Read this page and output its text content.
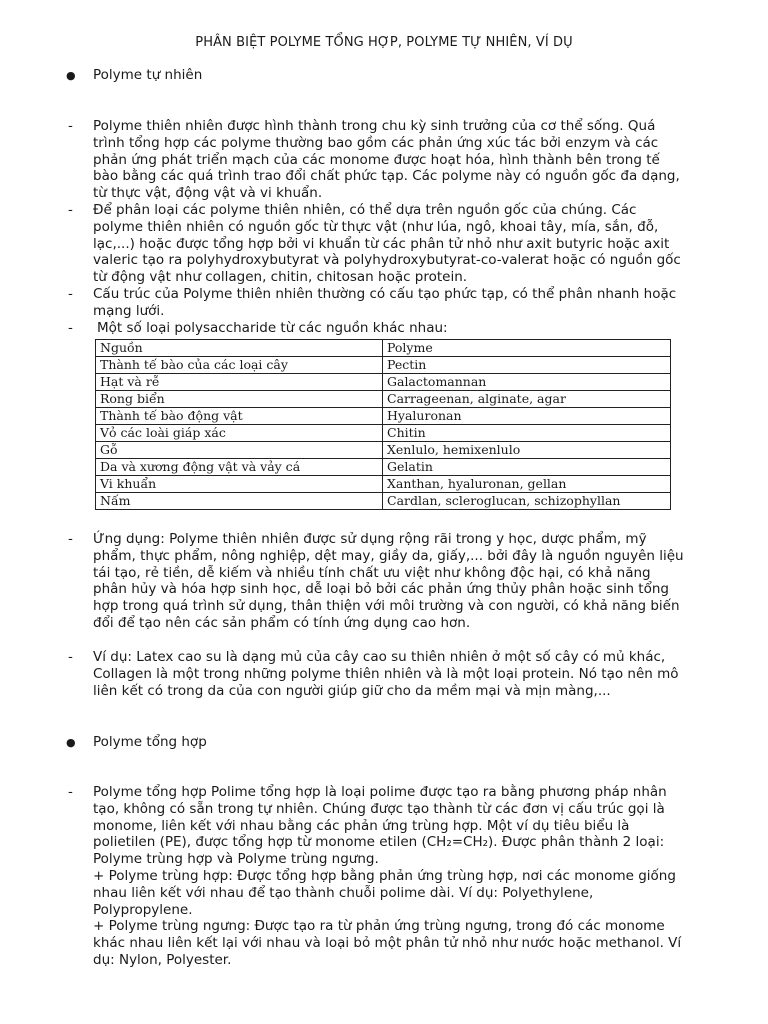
PHÂN BIỆT POLYME TỔNG HỢP, POLYME TỰ NHIÊN, VÍ DỤ
● Polyme tự nhiên
- Polyme thiên nhiên được hình thành trong chu kỳ sinh trưởng của cơ thể sống. Quá trình tổng hợp các polyme thường bao gồm các phản ứng xúc tác bởi enzym và các phản ứng phát triển mạch của các monome được hoạt hóa, hình thành bên trong tế bào bằng các quá trình trao đổi chất phức tạp. Các polyme này có nguồn gốc đa dạng, từ thực vật, động vật và vi khuẩn.
- Để phân loại các polyme thiên nhiên, có thể dựa trên nguồn gốc của chúng. Các polyme thiên nhiên có nguồn gốc từ thực vật (như lúa, ngô, khoai tây, mía, sắn, đỗ, lạc,...) hoặc được tổng hợp bởi vi khuẩn từ các phân tử nhỏ như axit butyric hoặc axit valeric tạo ra polyhydroxybutyrat và polyhydroxybutyrat-co-valerat hoặc có nguồn gốc từ động vật như collagen, chitin, chitosan hoặc protein.
- Cấu trúc của Polyme thiên nhiên thường có cấu tạo phức tạp, có thể phân nhanh hoặc mạng lưới.
- Một số loại polysaccharide từ các nguồn khác nhau:
Nguồn	Polyme
Thành tế bào của các loại cây	Pectin
Hạt và rễ	Galactomannan
Rong biển	Carrageenan, alginate, agar
Thành tế bào động vật	Hyaluronan
Vỏ các loài giáp xác	Chitin
Gỗ	Xenlulo, hemixenlulo
Da và xương động vật và vảy cá	Gelatin
Vi khuẩn	Xanthan, hyaluronan, gellan
Nấm	Cardlan, scleroglucan, schizophyllan
- Ứng dụng: Polyme thiên nhiên được sử dụng rộng rãi trong y học, dược phẩm, mỹ phẩm, thực phẩm, nông nghiệp, dệt may, giầy da, giấy,... bởi đây là nguồn nguyên liệu tái tạo, rẻ tiền, dễ kiếm và nhiều tính chất ưu việt như không độc hại, có khả năng phân hủy và hóa hợp sinh học, dễ loại bỏ bởi các phản ứng thủy phân hoặc sinh tổng hợp trong quá trình sử dụng, thân thiện với môi trường và con người, có khả năng biến đổi để tạo nên các sản phẩm có tính ứng dụng cao hơn.
- Ví dụ: Latex cao su là dạng mủ của cây cao su thiên nhiên ở một số cây có mủ khác, Collagen là một trong những polyme thiên nhiên và là một loại protein. Nó tạo nên mô liên kết có trong da của con người giúp giữ cho da mềm mại và mịn màng,...
● Polyme tổng hợp
- Polyme tổng hợp Polime tổng hợp là loại polime được tạo ra bằng phương pháp nhân tạo, không có sẵn trong tự nhiên. Chúng được tạo thành từ các đơn vị cấu trúc gọi là monome, liên kết với nhau bằng các phản ứng trùng hợp. Một ví dụ tiêu biểu là polietilen (PE), được tổng hợp từ monome etilen (CH₂=CH₂). Được phân thành 2 loại: Polyme trùng hợp và Polyme trùng ngưng.
+ Polyme trùng hợp: Được tổng hợp bằng phản ứng trùng hợp, nơi các monome giống nhau liên kết với nhau để tạo thành chuỗi polime dài. Ví dụ: Polyethylene, Polypropylene.
+ Polyme trùng ngưng: Được tạo ra từ phản ứng trùng ngưng, trong đó các monome khác nhau liên kết lại với nhau và loại bỏ một phân tử nhỏ như nước hoặc methanol. Ví dụ: Nylon, Polyester.
